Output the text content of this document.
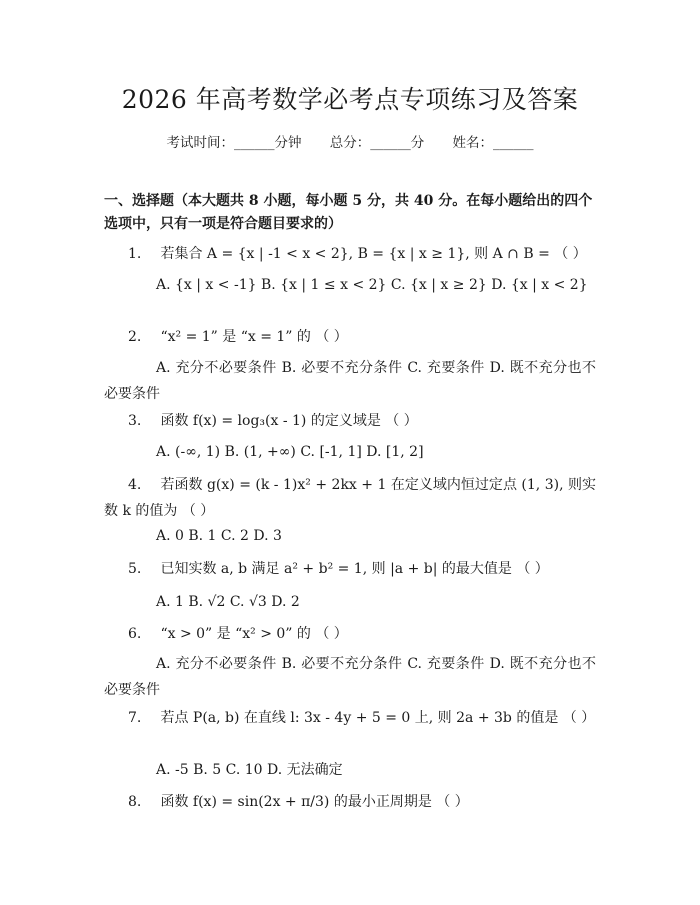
2026 年高考数学必考点专项练习及答案
考试时间：______分钟 总分：______分 姓名：______
一、选择题（本大题共 8 小题，每小题 5 分，共 40 分。在每小题给出的四个选项中，只有一项是符合题目要求的）
1. 若集合 A = {x | -1 < x < 2}, B = {x | x ≥ 1}, 则 A ∩ B = （ ）
A. {x | x < -1} B. {x | 1 ≤ x < 2} C. {x | x ≥ 2} D. {x | x < 2}
2. “x² = 1” 是 “x = 1” 的 （ ）
A. 充分不必要条件 B. 必要不充分条件 C. 充要条件 D. 既不充分也不必要条件
3. 函数 f(x) = log₃(x - 1) 的定义域是 （ ）
A. (-∞, 1) B. (1, +∞) C. [-1, 1] D. [1, 2]
4. 若函数 g(x) = (k - 1)x² + 2kx + 1 在定义域内恒过定点 (1, 3), 则实数 k 的值为 （ ）
A. 0 B. 1 C. 2 D. 3
5. 已知实数 a, b 满足 a² + b² = 1, 则 |a + b| 的最大值是 （ ）
A. 1 B. √2 C. √3 D. 2
6. “x > 0” 是 “x² > 0” 的 （ ）
A. 充分不必要条件 B. 必要不充分条件 C. 充要条件 D. 既不充分也不必要条件
7. 若点 P(a, b) 在直线 l: 3x - 4y + 5 = 0 上, 则 2a + 3b 的值是 （ ）
A. -5 B. 5 C. 10 D. 无法确定
8. 函数 f(x) = sin(2x + π/3) 的最小正周期是 （ ）
